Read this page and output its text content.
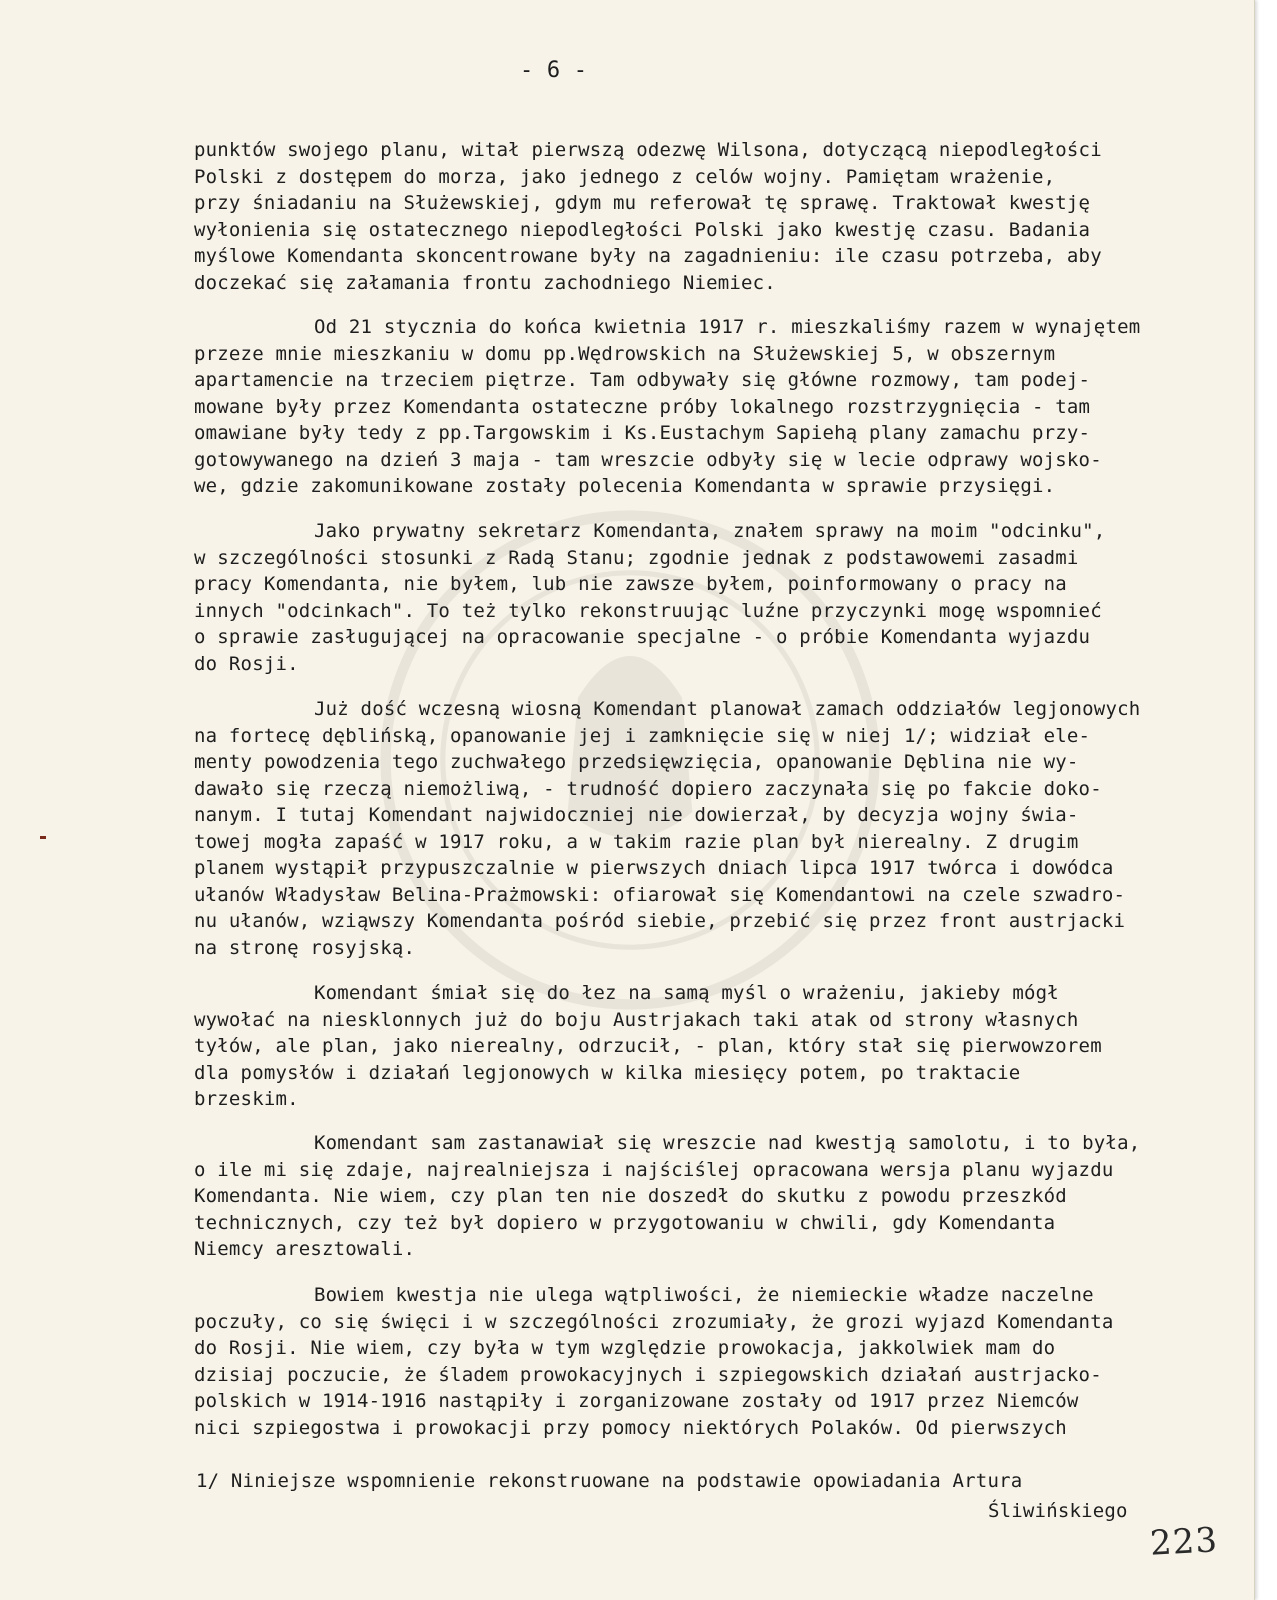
- 6 -
punktów swojego planu, witał pierwszą odezwę Wilsona, dotyczącą niepodległości
Polski z dostępem do morza, jako jednego z celów wojny. Pamiętam wrażenie,
przy śniadaniu na Służewskiej, gdym mu referował tę sprawę. Traktował kwestję
wyłonienia się ostatecznego niepodległości Polski jako kwestję czasu. Badania
myślowe Komendanta skoncentrowane były na zagadnieniu: ile czasu potrzeba, aby
doczekać się załamania frontu zachodniego Niemiec.
Od 21 stycznia do końca kwietnia 1917 r. mieszkaliśmy razem w wynajętem
przeze mnie mieszkaniu w domu pp.Wędrowskich na Służewskiej 5, w obszernym
apartamencie na trzeciem piętrze. Tam odbywały się główne rozmowy, tam podej-
mowane były przez Komendanta ostateczne próby lokalnego rozstrzygnięcia - tam
omawiane były tedy z pp.Targowskim i Ks.Eustachym Sapiehą plany zamachu przy-
gotowywanego na dzień 3 maja - tam wreszcie odbyły się w lecie odprawy wojsko-
we, gdzie zakomunikowane zostały polecenia Komendanta w sprawie przysięgi.
Jako prywatny sekretarz Komendanta, znałem sprawy na moim "odcinku",
w szczególności stosunki z Radą Stanu; zgodnie jednak z podstawowemi zasadmi
pracy Komendanta, nie byłem, lub nie zawsze byłem, poinformowany o pracy na
innych "odcinkach". To też tylko rekonstruując luźne przyczynki mogę wspomnieć
o sprawie zasługującej na opracowanie specjalne - o próbie Komendanta wyjazdu
do Rosji.
Już dość wczesną wiosną Komendant planował zamach oddziałów legjonowych
na fortecę dęblińską, opanowanie jej i zamknięcie się w niej 1/; widział ele-
menty powodzenia tego zuchwałego przedsięwzięcia, opanowanie Dęblina nie wy-
dawało się rzeczą niemożliwą, - trudność dopiero zaczynała się po fakcie doko-
nanym. I tutaj Komendant najwidoczniej nie dowierzał, by decyzja wojny świa-
towej mogła zapaść w 1917 roku, a w takim razie plan był nierealny. Z drugim
planem wystąpił przypuszczalnie w pierwszych dniach lipca 1917 twórca i dowódca
ułanów Władysław Belina-Prażmowski: ofiarował się Komendantowi na czele szwadro-
nu ułanów, wziąwszy Komendanta pośród siebie, przebić się przez front austrjacki
na stronę rosyjską.
Komendant śmiał się do łez na samą myśl o wrażeniu, jakieby mógł
wywołać na niesklonnych już do boju Austrjakach taki atak od strony własnych
tyłów, ale plan, jako nierealny, odrzucił, - plan, który stał się pierwowzorem
dla pomysłów i działań legjonowych w kilka miesięcy potem, po traktacie
brzeskim.
Komendant sam zastanawiał się wreszcie nad kwestją samolotu, i to była,
o ile mi się zdaje, najrealniejsza i najściślej opracowana wersja planu wyjazdu
Komendanta. Nie wiem, czy plan ten nie doszedł do skutku z powodu przeszkód
technicznych, czy też był dopiero w przygotowaniu w chwili, gdy Komendanta
Niemcy aresztowali.
Bowiem kwestja nie ulega wątpliwości, że niemieckie władze naczelne
poczuły, co się święci i w szczególności zrozumiały, że grozi wyjazd Komendanta
do Rosji. Nie wiem, czy była w tym względzie prowokacja, jakkolwiek mam do
dzisiaj poczucie, że śladem prowokacyjnych i szpiegowskich działań austrjacko-
polskich w 1914-1916 nastąpiły i zorganizowane zostały od 1917 przez Niemców
nici szpiegostwa i prowokacji przy pomocy niektórych Polaków. Od pierwszych
1/ Niniejsze wspomnienie rekonstruowane na podstawie opowiadania Artura
Śliwińskiego
223
